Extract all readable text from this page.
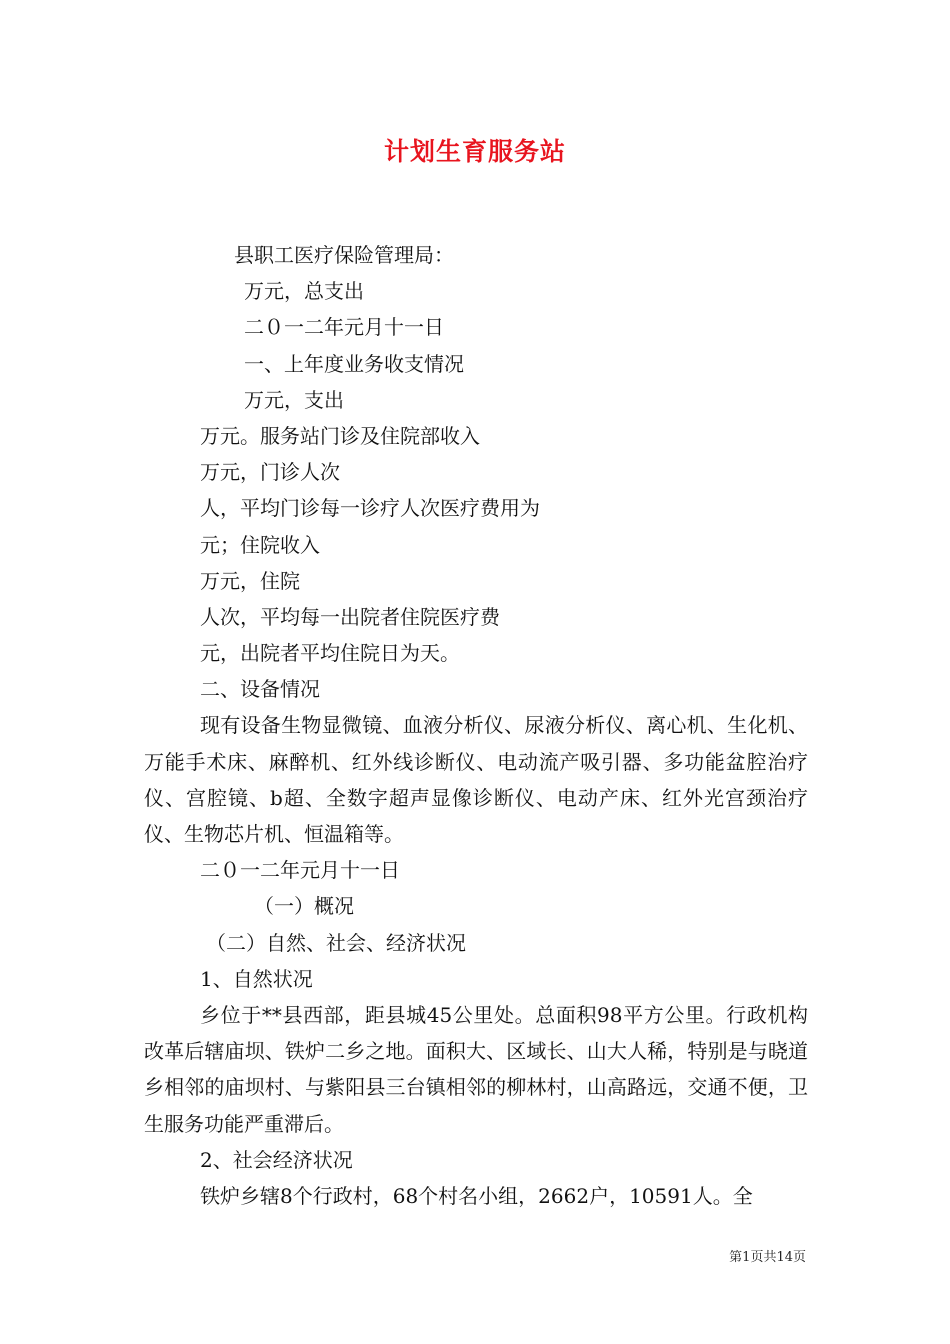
计划生育服务站
县职工医疗保险管理局：
万元，总支出
二０一二年元月十一日
一、上年度业务收支情况
万元，支出
万元。服务站门诊及住院部收入
万元，门诊人次
人，平均门诊每一诊疗人次医疗费用为
元；住院收入
万元，住院
人次，平均每一出院者住院医疗费
元，出院者平均住院日为天。
二、设备情况
现有设备生物显微镜、血液分析仪、尿液分析仪、离心机、生化机、万能手术床、麻醉机、红外线诊断仪、电动流产吸引器、多功能盆腔治疗仪、宫腔镜、b超、全数字超声显像诊断仪、电动产床、红外光宫颈治疗仪、生物芯片机、恒温箱等。
二０一二年元月十一日
（一）概况
（二）自然、社会、经济状况
1、自然状况
乡位于**县西部，距县城45公里处。总面积98平方公里。行政机构改革后辖庙坝、铁炉二乡之地。面积大、区域长、山大人稀，特别是与晓道乡相邻的庙坝村、与紫阳县三台镇相邻的柳林村，山高路远，交通不便，卫生服务功能严重滞后。
2、社会经济状况
铁炉乡辖8个行政村，68个村名小组，2662户，10591人。全
第1页共14页
